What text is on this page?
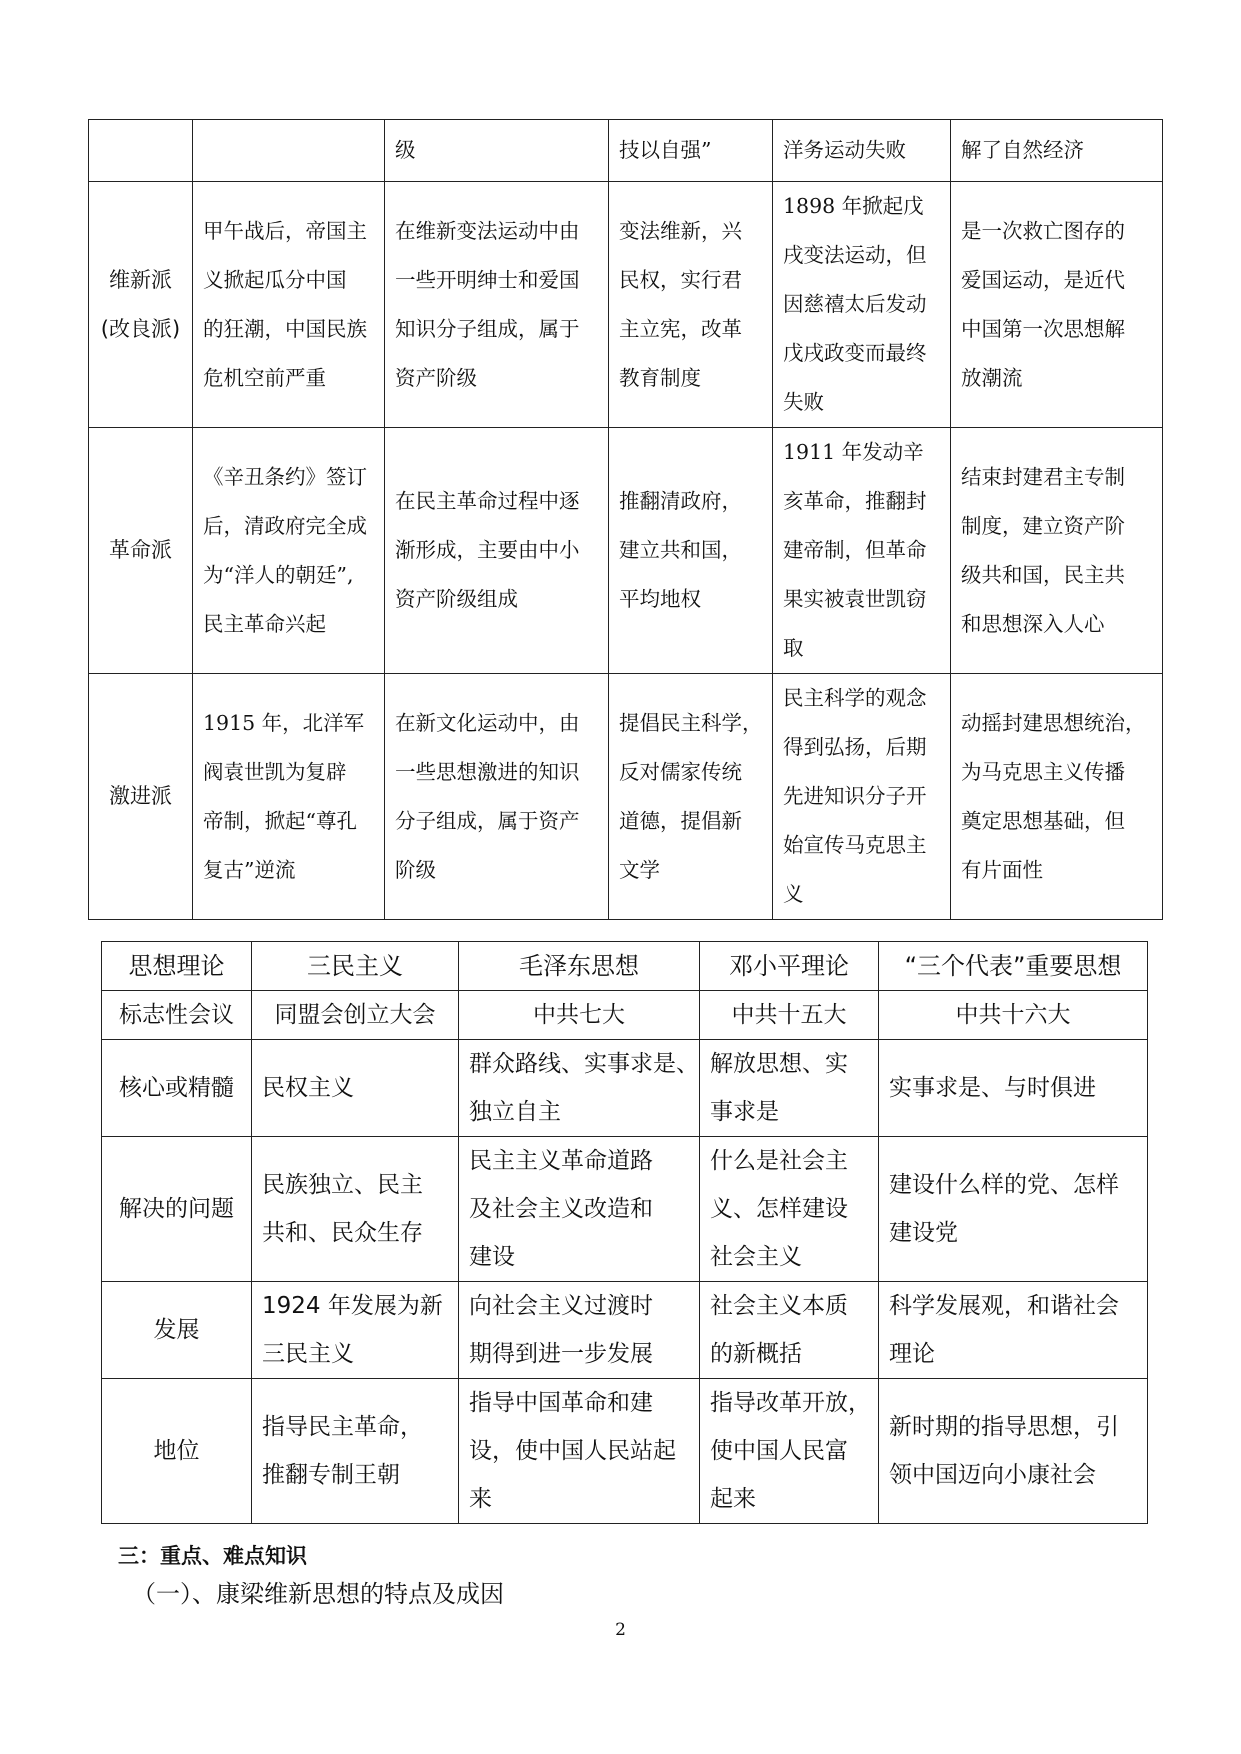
		级	技以自强”	洋务运动失败	解了自然经济

维新派
(改良派)	甲午战后，帝国主
义掀起瓜分中国
的狂潮，中国民族
危机空前严重	在维新变法运动中由
一些开明绅士和爱国
知识分子组成，属于
资产阶级	变法维新，兴
民权，实行君
主立宪，改革
教育制度	1898 年掀起戊
戌变法运动，但
因慈禧太后发动
戊戌政变而最终
失败	是一次救亡图存的
爱国运动，是近代
中国第一次思想解
放潮流

革命派	《辛丑条约》签订
后，清政府完全成
为“洋人的朝廷”,
民主革命兴起	在民主革命过程中逐
渐形成，主要由中小
资产阶级组成	推翻清政府，
建立共和国，
平均地权	1911 年发动辛
亥革命，推翻封
建帝制，但革命
果实被袁世凯窃
取	结束封建君主专制
制度，建立资产阶
级共和国，民主共
和思想深入人心

激进派	1915 年，北洋军
阀袁世凯为复辟
帝制，掀起“尊孔
复古”逆流	在新文化运动中，由
一些思想激进的知识
分子组成，属于资产
阶级	提倡民主科学，
反对儒家传统
道德，提倡新
文学	民主科学的观念
得到弘扬，后期
先进知识分子开
始宣传马克思主
义	动摇封建思想统治，
为马克思主义传播
奠定思想基础，但
有片面性
思想理论	三民主义	毛泽东思想	邓小平理论	“三个代表”重要思想
标志性会议	同盟会创立大会	中共七大	中共十五大	中共十六大

核心或精髓	民权主义	群众路线、实事求是、
独立自主	解放思想、实
事求是	实事求是、与时俱进

解决的问题	民族独立、民主
共和、民众生存	民主主义革命道路
及社会主义改造和
建设	什么是社会主
义、怎样建设
社会主义	建设什么样的党、怎样
建设党

发展	1924 年发展为新
三民主义	向社会主义过渡时
期得到进一步发展	社会主义本质
的新概括	科学发展观，和谐社会
理论

地位	指导民主革命，
推翻专制王朝	指导中国革命和建
设，使中国人民站起
来	指导改革开放，
使中国人民富
起来	新时期的指导思想，引
领中国迈向小康社会
三：重点、难点知识
（一）、康梁维新思想的特点及成因
2
